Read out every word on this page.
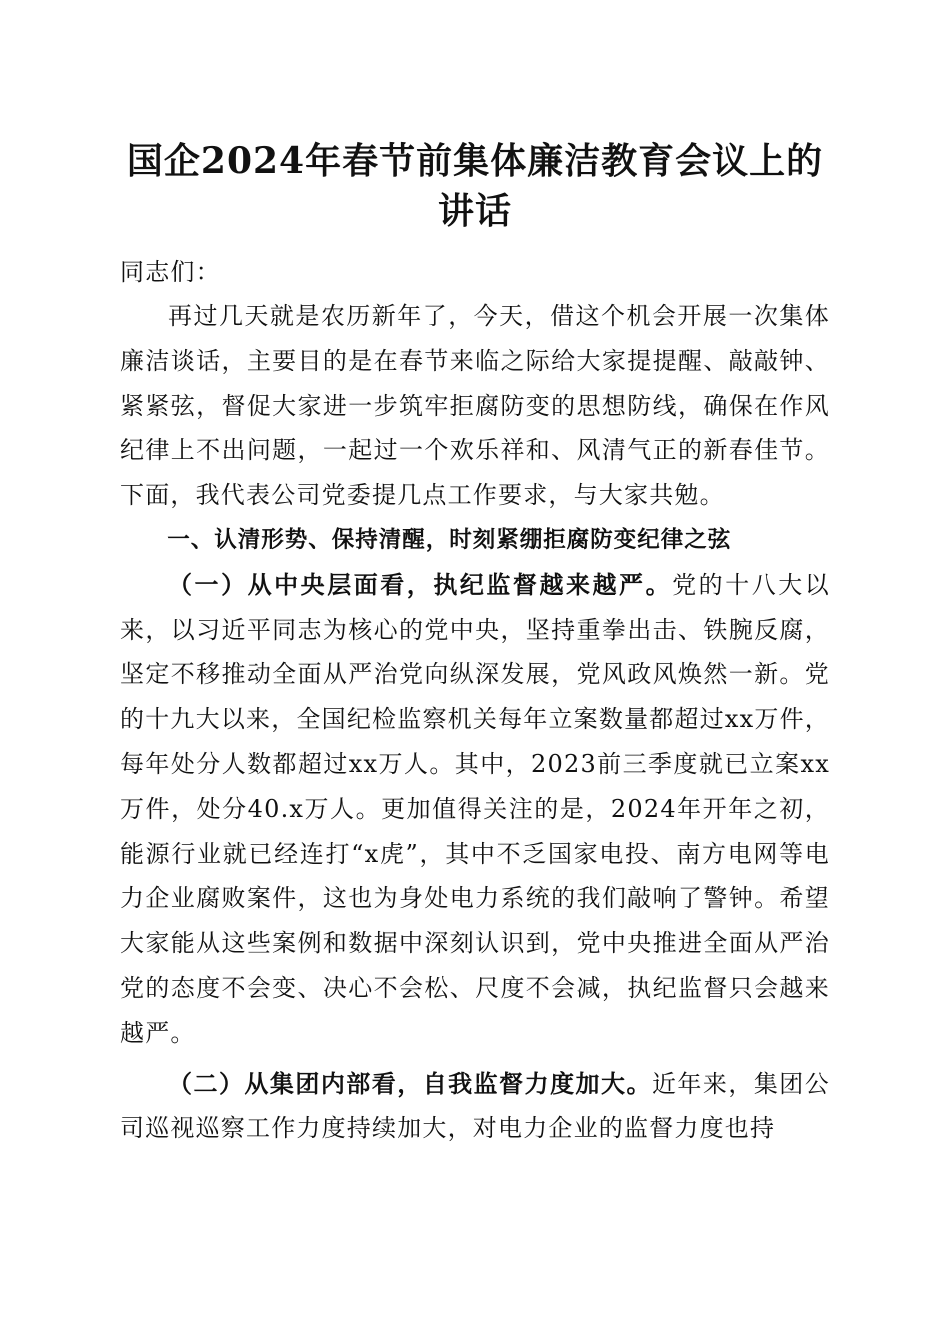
国企2024年春节前集体廉洁教育会议上的讲话

同志们：

再过几天就是农历新年了，今天，借这个机会开展一次集体廉洁谈话，主要目的是在春节来临之际给大家提提醒、敲敲钟、紧紧弦，督促大家进一步筑牢拒腐防变的思想防线，确保在作风纪律上不出问题，一起过一个欢乐祥和、风清气正的新春佳节。下面，我代表公司党委提几点工作要求，与大家共勉。

一、认清形势、保持清醒，时刻紧绷拒腐防变纪律之弦

（一）从中央层面看，执纪监督越来越严。党的十八大以来，以习近平同志为核心的党中央，坚持重拳出击、铁腕反腐，坚定不移推动全面从严治党向纵深发展，党风政风焕然一新。党的十九大以来，全国纪检监察机关每年立案数量都超过xx万件，每年处分人数都超过xx万人。其中，2023前三季度就已立案xx万件，处分40.x万人。更加值得关注的是，2024年开年之初，能源行业就已经连打“x虎”，其中不乏国家电投、南方电网等电力企业腐败案件，这也为身处电力系统的我们敲响了警钟。希望大家能从这些案例和数据中深刻认识到，党中央推进全面从严治党的态度不会变、决心不会松、尺度不会减，执纪监督只会越来越严。

（二）从集团内部看，自我监督力度加大。近年来，集团公司巡视巡察工作力度持续加大，对电力企业的监督力度也持
